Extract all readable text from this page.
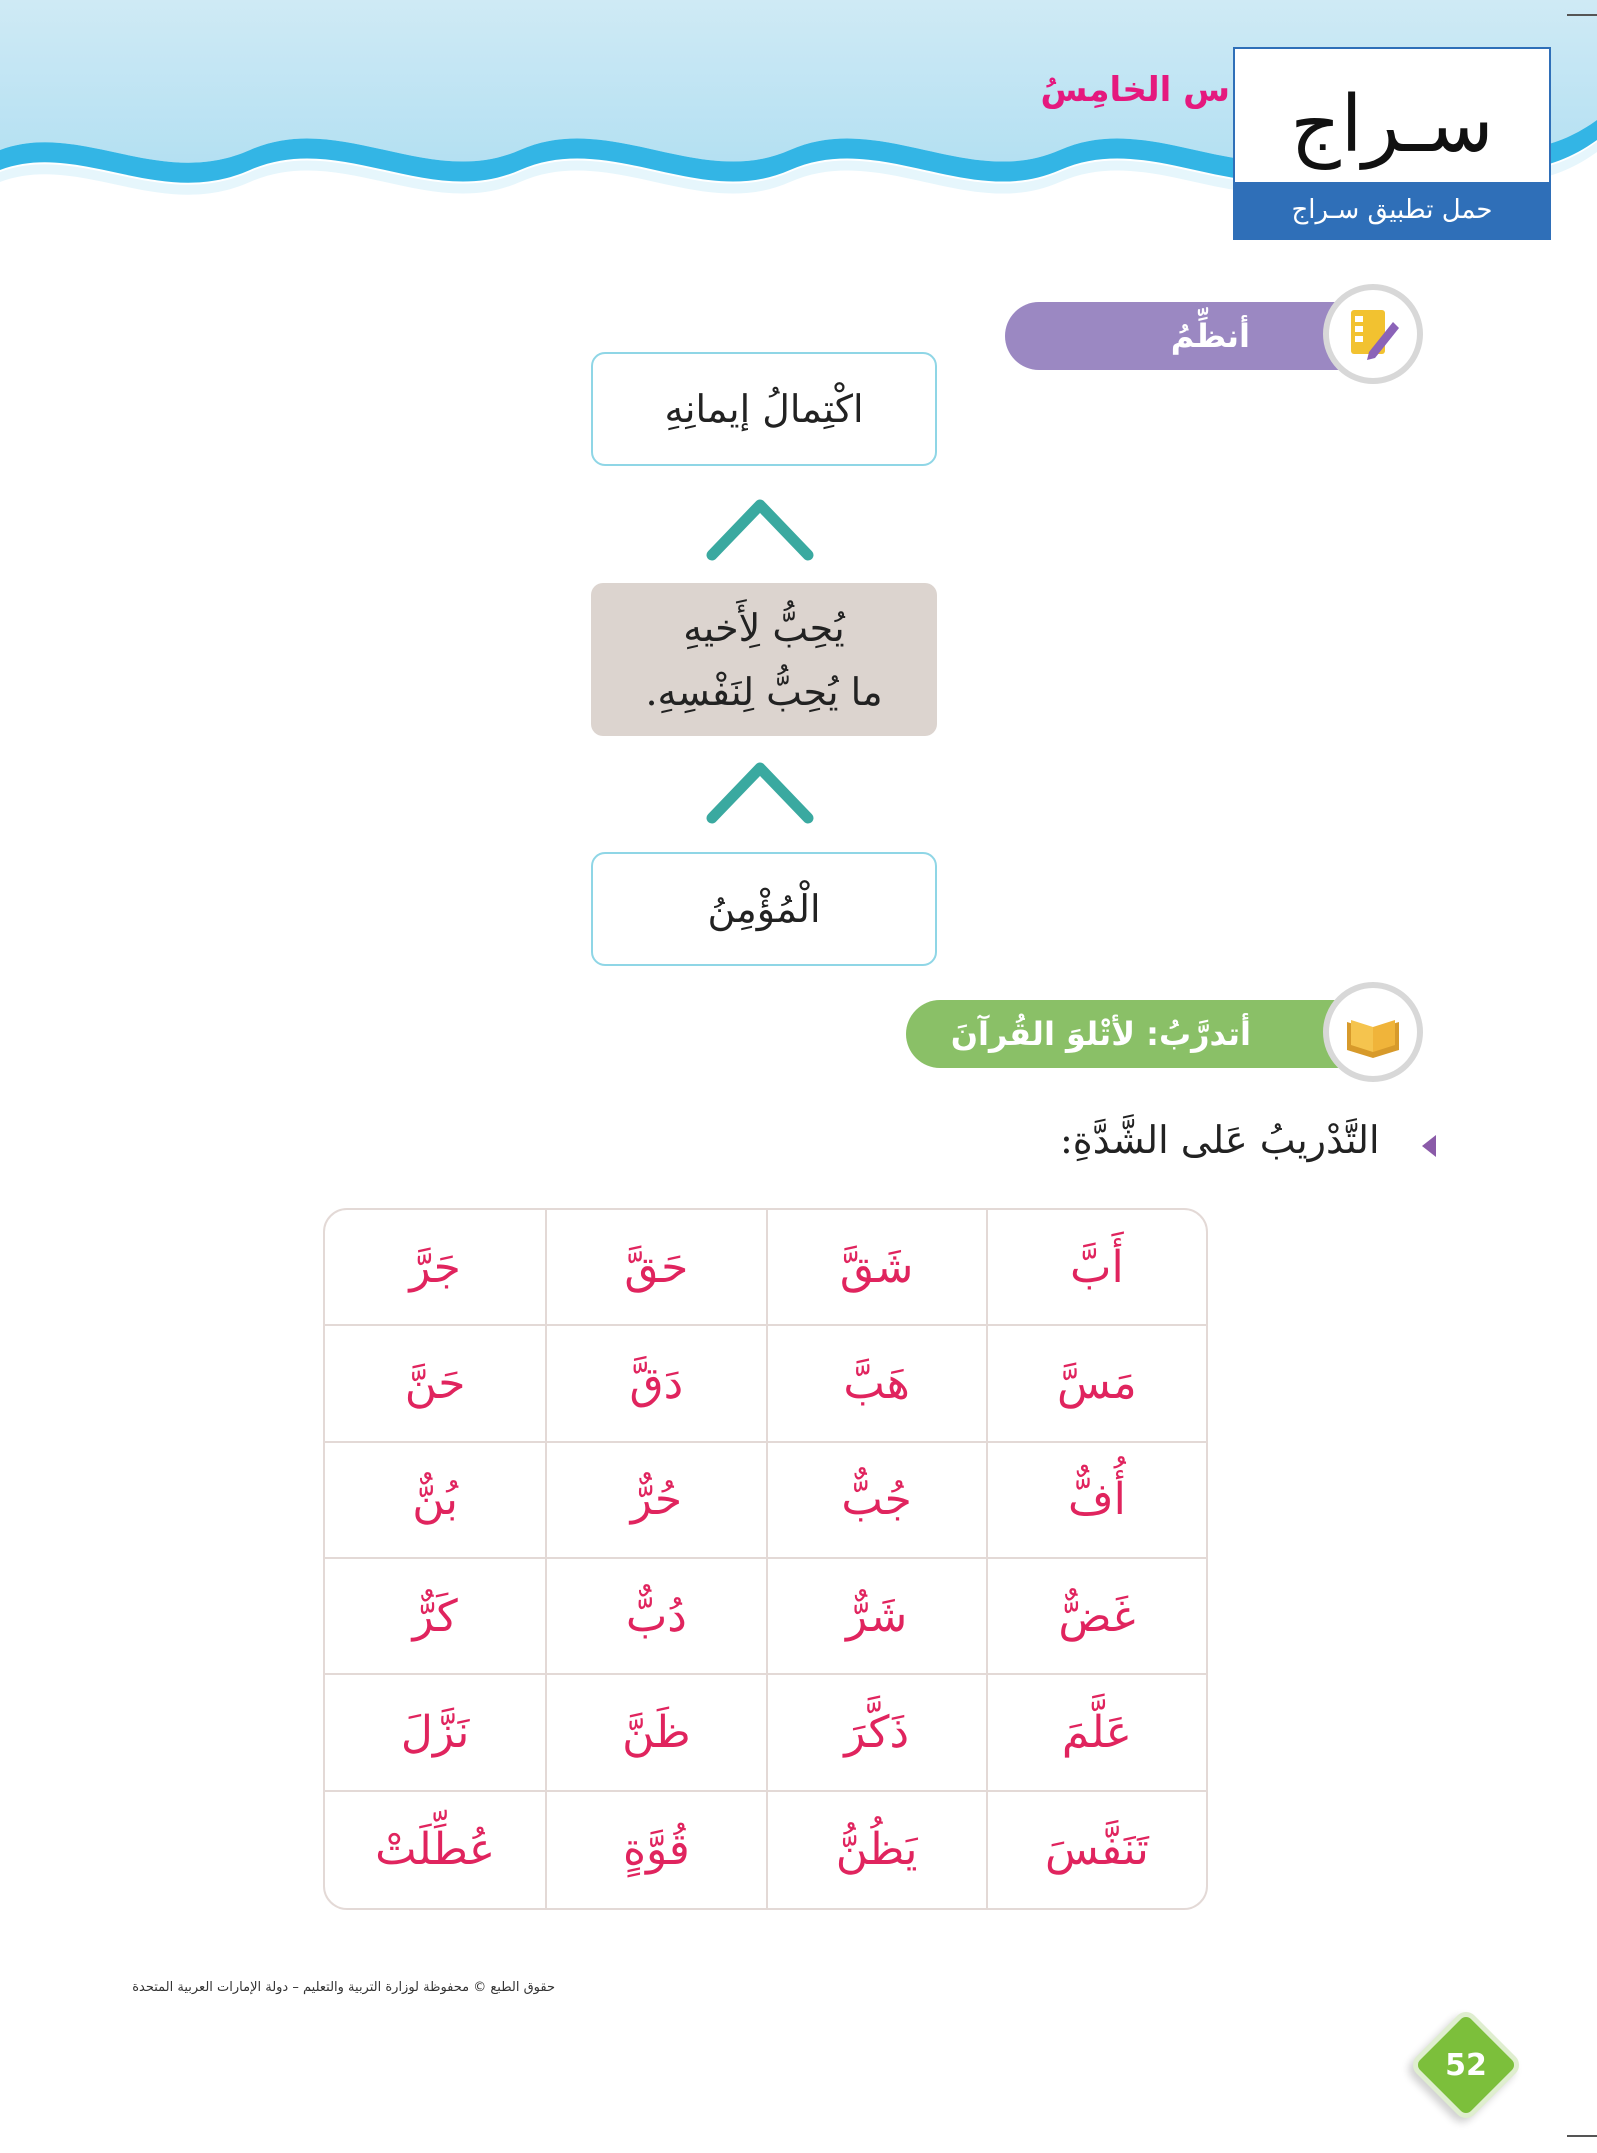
س الخامِسُ سـراج
حمل تطبيق سـراج
أنظِّمُ مَفاهيمي:
اكْتِمالُ إيمانِهِ
يُحِبُّ لِأَخيهِ
ما يُحِبُّ لِنَفْسِهِ.
الْمُؤْمِنُ
أتدرَّبُ: لأتْلوَ القُرآنَ الكَريمَ:
التَّدْريبُ عَلى الشَّدَّةِ:
أَبَّ
شَقَّ
حَقَّ
جَرَّ
مَسَّ
هَبَّ
دَقَّ
حَنَّ
أُفٌّ
جُبٌّ
حُرٌّ
بُنٌّ
غَضٌّ
شَرٌّ
دُبٌّ
كَرٌّ
عَلَّمَ
ذَكَّرَ
ظَنَّ
نَزَّلَ
تَنَفَّسَ
يَظُنُّ
قُوَّةٍ
عُطِّلَتْ
حقوق الطبع © محفوظة لوزارة التربية والتعليم – دولة الإمارات العربية المتحدة
52
